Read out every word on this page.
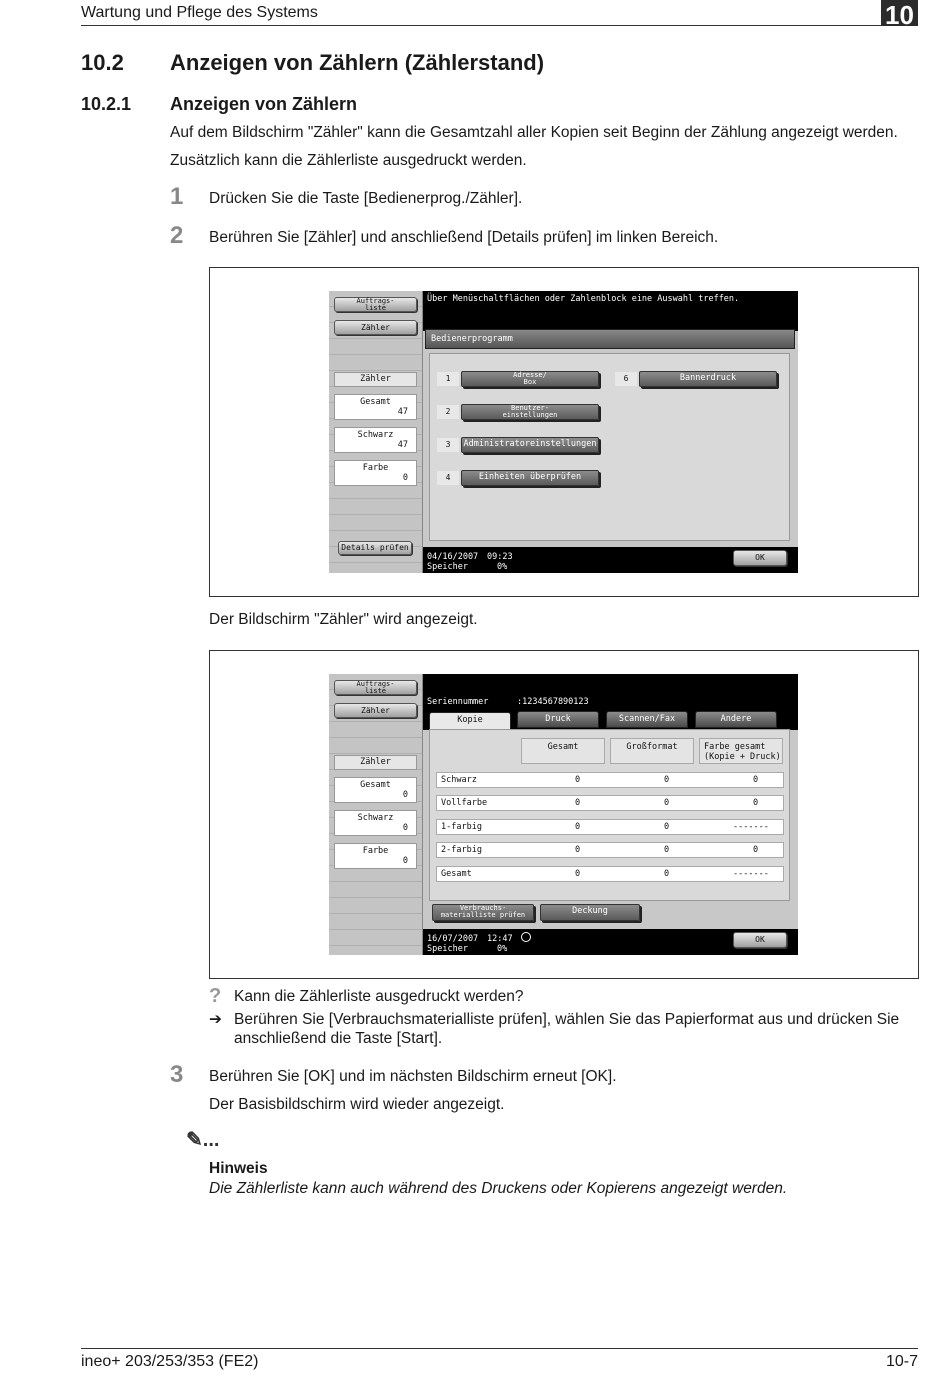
Wartung und Pflege des Systems	10
10.2 Anzeigen von Zählern (Zählerstand)
10.2.1 Anzeigen von Zählern
Auf dem Bildschirm "Zähler" kann die Gesamtzahl aller Kopien seit Beginn der Zählung angezeigt werden.
Zusätzlich kann die Zählerliste ausgedruckt werden.
1 Drücken Sie die Taste [Bedienerprog./Zähler].
2 Berühren Sie [Zähler] und anschließend [Details prüfen] im linken Bereich.
Auftrags-
liste
Zähler
Über Menüschaltflächen oder Zahlenblock eine Auswahl treffen.
Bedienerprogramm
Zähler
Gesamt
47
Schwarz
47
Farbe
0
1	Adresse/
Box
2	Benutzer-
einstellungen
3	Administratoreinstellungen
4	Einheiten überprüfen
6	Bannerdruck
Details prüfen
04/16/2007 09:23
Speicher	0%
OK
Der Bildschirm "Zähler" wird angezeigt.
Auftrags-
liste
Zähler
Seriennummer	:1234567890123
Kopie	Druck	Scannen/Fax	Andere
Zähler
Gesamt
0
Schwarz
0
Farbe
0
Gesamt	Großformat	Farbe gesamt
(Kopie + Druck)
Schwarz	0	0	0
Vollfarbe	0	0	0
1-farbig	0	0	-------
2-farbig	0	0	0
Gesamt	0	0	-------
Verbrauchs-
materialliste prüfen	Deckung
16/07/2007 12:47
Speicher	0%
OK
? Kann die Zählerliste ausgedruckt werden?
➔ Berühren Sie [Verbrauchsmaterialliste prüfen], wählen Sie das Papierformat aus und drücken Sie
anschließend die Taste [Start].
3 Berühren Sie [OK] und im nächsten Bildschirm erneut [OK].
Der Basisbildschirm wird wieder angezeigt.
✎...
Hinweis
Die Zählerliste kann auch während des Druckens oder Kopierens angezeigt werden.
ineo+ 203/253/353 (FE2)	10-7
